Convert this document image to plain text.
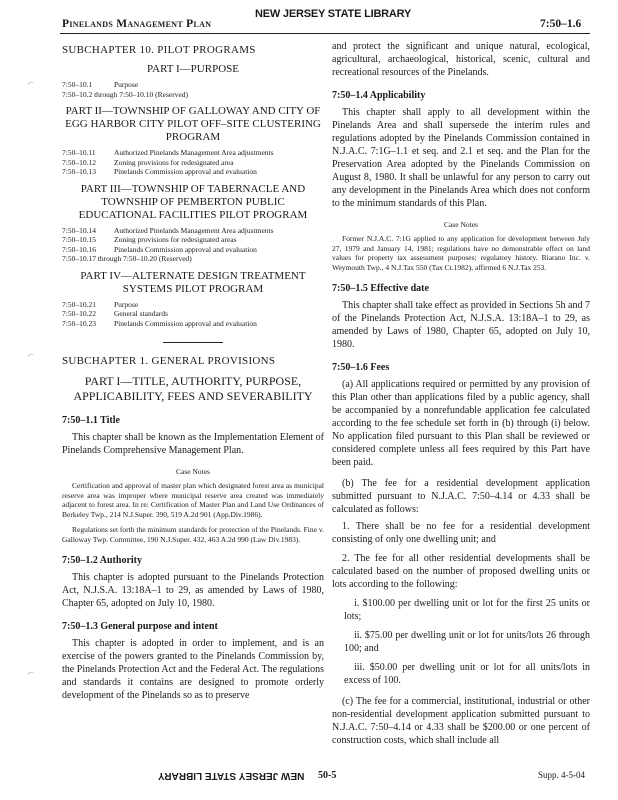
Pinelands Management Plan
NEW JERSEY STATE LIBRARY
7:50–1.6
⌐
⌐
⌐
SUBCHAPTER 10. PILOT PROGRAMS
PART I—PURPOSE
7:50–10.1	Purpose
7:50–10.2 through 7:50–10.10 (Reserved)
PART II—TOWNSHIP OF GALLOWAY AND CITY OF EGG HARBOR CITY PILOT OFF–SITE CLUSTERING PROGRAM
7:50–10.11	Authorized Pinelands Management Area adjustments
7:50–10.12	Zoning provisions for redesignated area
7:50–10.13	Pinelands Commission approval and evaluation
PART III—TOWNSHIP OF TABERNACLE AND TOWNSHIP OF PEMBERTON PUBLIC EDUCATIONAL FACILITIES PILOT PROGRAM
7:50–10.14	Authorized Pinelands Management Area adjustments
7:50–10.15	Zoning provisions for redesignated areas
7:50–10.16	Pinelands Commission approval and evaluation
7:50–10.17 through 7:50–10.20 (Reserved)
PART IV—ALTERNATE DESIGN TREATMENT SYSTEMS PILOT PROGRAM
7:50–10.21	Purpose
7:50–10.22	General standards
7:50–10.23	Pinelands Commission approval and evaluation
SUBCHAPTER 1. GENERAL PROVISIONS
PART I—TITLE, AUTHORITY, PURPOSE, APPLICABILITY, FEES AND SEVERABILITY
7:50–1.1 Title
This chapter shall be known as the Implementation Element of Pinelands Comprehensive Management Plan.
Case Notes
Certification and approval of master plan which designated forest area as municipal reserve area was improper where municipal reserve area created was immediately adjacent to forest area. In re: Certification of Master Plan and Land Use Ordinances of Berkeley Twp., 214 N.J.Super. 390, 519 A.2d 901 (App.Div.1986).
Regulations set forth the minimum standards for protection of the Pinelands. Fine v. Galloway Twp. Committee, 190 N.J.Super. 432, 463 A.2d 990 (Law Div.1983).
7:50–1.2 Authority
This chapter is adopted pursuant to the Pinelands Protection Act, N.J.S.A. 13:18A–1 to 29, as amended by Laws of 1980, Chapter 65, adopted on July 10, 1980.
7:50–1.3 General purpose and intent
This chapter is adopted in order to implement, and is an exercise of the powers granted to the Pinelands Commission by, the Pinelands Protection Act and the Federal Act. The regulations and standards it contains are designed to promote orderly development of the Pinelands so as to preserve
and protect the significant and unique natural, ecological, agricultural, archaeological, historical, scenic, cultural and recreational resources of the Pinelands.
7:50–1.4 Applicability
This chapter shall apply to all development within the Pinelands Area and shall supersede the interim rules and regulations adopted by the Pinelands Commission contained in N.J.A.C. 7:1G–1.1 et seq. and 2.1 et seq. and the Plan for the Preservation Area adopted by the Pinelands Commission on August 8, 1980. It shall be unlawful for any person to carry out any development in the Pinelands Area which does not conform to the minimum standards of this Plan.
Case Notes
Former N.J.A.C. 7:1G applied to any application for development between July 27, 1979 and January 14, 1981; regulations have no demonstrable effect on land values for property tax assessment purposes; regulatory history. Riarano Inc. v. Weymouth Twp., 4 N.J.Tax 550 (Tax Ct.1982), affirmed 6 N.J.Tax 253.
7:50–1.5 Effective date
This chapter shall take effect as provided in Sections 5h and 7 of the Pinelands Protection Act, N.J.S.A. 13:18A–1 to 29, as amended by Laws of 1980, Chapter 65, adopted on July 10, 1980.
7:50–1.6 Fees
(a) All applications required or permitted by any provision of this Plan other than applications filed by a public agency, shall be accompanied by a nonrefundable application fee calculated according to the fee schedule set forth in (b) through (i) below. No application filed pursuant to this Plan shall be reviewed or considered complete unless all fees required by this Part have been paid.
(b) The fee for a residential development application submitted pursuant to N.J.A.C. 7:50–4.14 or 4.33 shall be calculated as follows:
1. There shall be no fee for a residential development consisting of only one dwelling unit; and
2. The fee for all other residential developments shall be calculated based on the number of proposed dwelling units or lots according to the following:
i. $100.00 per dwelling unit or lot for the first 25 units or lots;
ii. $75.00 per dwelling unit or lot for units/lots 26 through 100; and
iii. $50.00 per dwelling unit or lot for all units/lots in excess of 100.
(c) The fee for a commercial, institutional, industrial or other non-residential development application submitted pursuant to N.J.A.C. 7:50–4.14 or 4.33 shall be $200.00 or one percent of construction costs, which shall include all
NEW JERSEY STATE LIBRARY 50-5	Supp. 4-5-04
